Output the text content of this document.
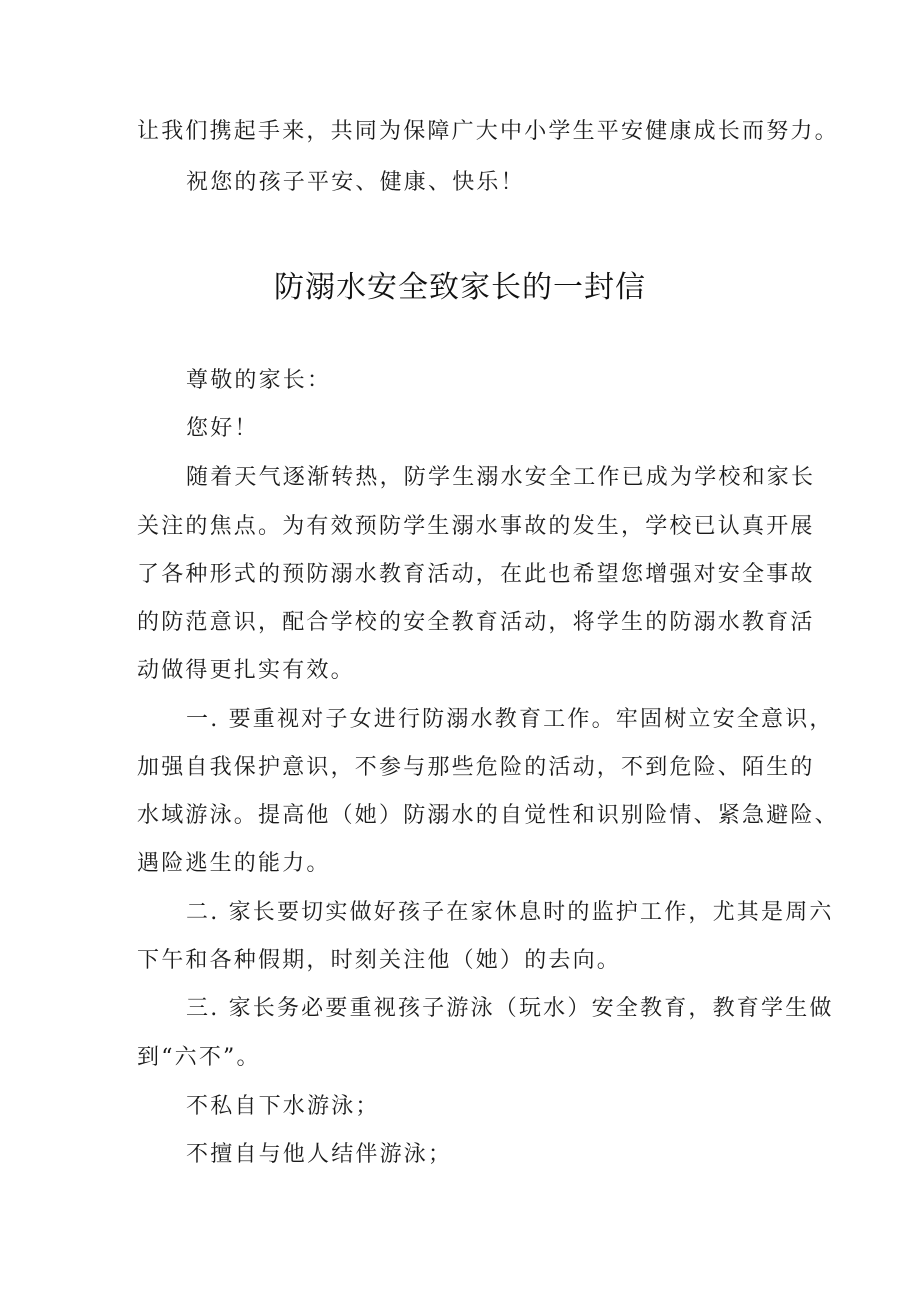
让我们携起手来，共同为保障广大中小学生平安健康成长而努力。
祝您的孩子平安、健康、快乐！
防溺水安全致家长的一封信
尊敬的家长：
您好！
随着天气逐渐转热，防学生溺水安全工作已成为学校和家长
关注的焦点。为有效预防学生溺水事故的发生，学校已认真开展
了各种形式的预防溺水教育活动，在此也希望您增强对安全事故
的防范意识，配合学校的安全教育活动，将学生的防溺水教育活
动做得更扎实有效。
一. 要重视对子女进行防溺水教育工作。牢固树立安全意识，
加强自我保护意识，不参与那些危险的活动，不到危险、陌生的
水域游泳。提高他（她）防溺水的自觉性和识别险情、紧急避险、
遇险逃生的能力。
二. 家长要切实做好孩子在家休息时的监护工作，尤其是周六
下午和各种假期，时刻关注他（她）的去向。
三. 家长务必要重视孩子游泳（玩水）安全教育，教育学生做
到“六不”。
不私自下水游泳；
不擅自与他人结伴游泳；
